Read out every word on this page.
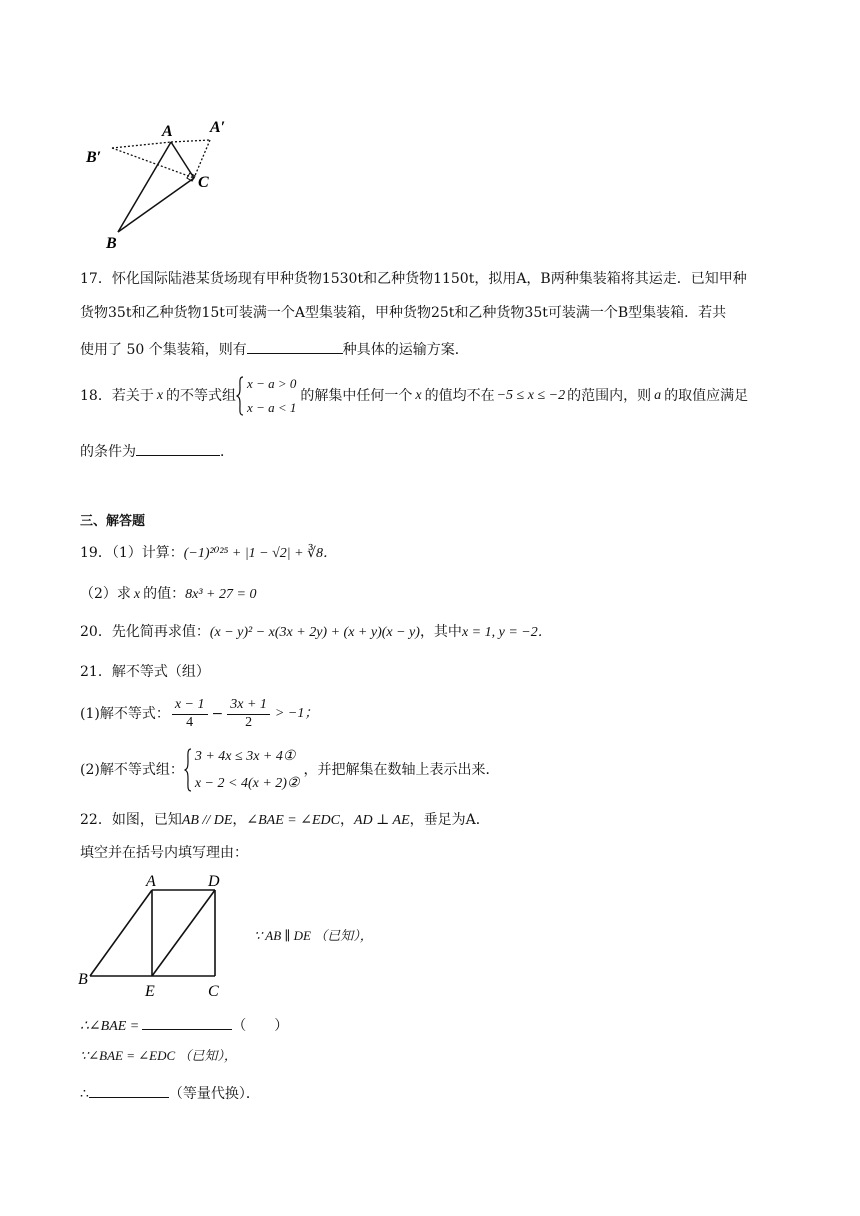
A A′
B′
C
B
17．怀化国际陆港某货场现有甲种货物1530t和乙种货物1150t，拟用A，B两种集装箱将其运走．已知甲种
货物35t和乙种货物15t可装满一个A型集装箱，甲种货物25t和乙种货物35t可装满一个B型集装箱．若共
使用了 50 个集装箱，则有	种具体的运输方案．
18．若关于 x 的不等式组
x − a > 0
x − a < 1
的解集中任何一个 x 的值均不在 −5 ≤ x ≤ −2 的范围内，则 a 的取值应满足
的条件为	．
三、解答题
19．（1）计算：(−1)²⁰²⁵ + |1 − √2| + ∛8．
（2）求 x 的值：8x³ + 27 = 0
20．先化简再求值：(x − y)² − x(3x + 2y) + (x + y)(x − y)，其中x = 1, y = −2．
21．解不等式（组）
(1)解不等式： $\frac{x - 1}{4} - \frac{3x + 1}{2} > -1$；
(2)解不等式组：
3 + 4x ≤ 3x + 4①
x − 2 < 4(x + 2)②
，并把解集在数轴上表示出来．
22．如图，已知AB // DE，∠BAE = ∠EDC，AD ⊥ AE，垂足为A．
填空并在括号内填写理由：
A	D
B
E	C
∵ AB ∥ DE （已知），
∴∠BAE =	（　　）
∵∠BAE = ∠EDC （已知），
∴	（等量代换）．
